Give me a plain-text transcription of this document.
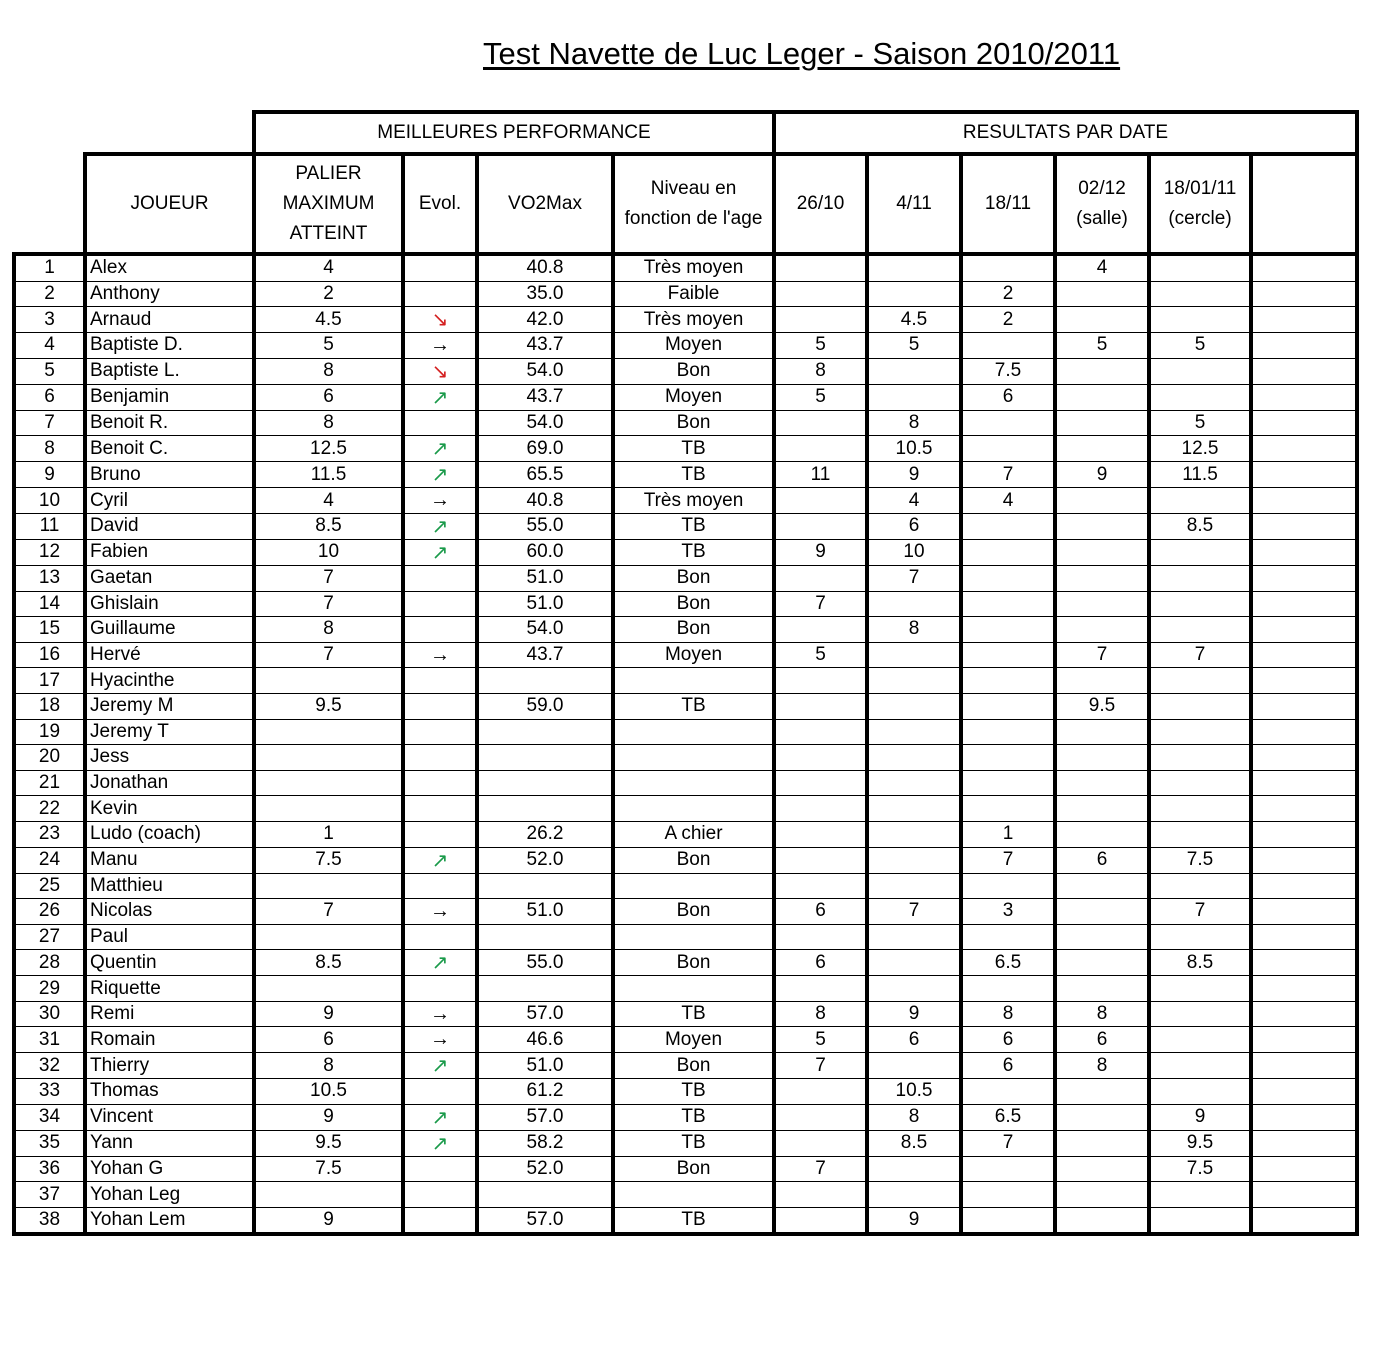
Test Navette de Luc Leger - Saison 2010/2011
		MEILLEURES PERFORMANCE				RESULTATS PAR DATE					
	JOUEUR	PALIER MAXIMUM ATTEINT	Evol.	VO2Max	Niveau en fonction de l'age	26/10	4/11	18/11	02/12 (salle)	18/01/11 (cercle)	
1	Alex	4		40.8	Très moyen				4		
2	Anthony	2		35.0	Faible			2			
3	Arnaud	4.5	↘	42.0	Très moyen		4.5	2			
4	Baptiste D.	5	→	43.7	Moyen	5	5		5	5	
5	Baptiste L.	8	↘	54.0	Bon	8		7.5			
6	Benjamin	6	↗	43.7	Moyen	5		6			
7	Benoit R.	8		54.0	Bon		8			5	
8	Benoit C.	12.5	↗	69.0	TB		10.5			12.5	
9	Bruno	11.5	↗	65.5	TB	11	9	7	9	11.5	
10	Cyril	4	→	40.8	Très moyen		4	4			
11	David	8.5	↗	55.0	TB		6			8.5	
12	Fabien	10	↗	60.0	TB	9	10				
13	Gaetan	7		51.0	Bon		7				
14	Ghislain	7		51.0	Bon	7					
15	Guillaume	8		54.0	Bon		8				
16	Hervé	7	→	43.7	Moyen	5			7	7	
17	Hyacinthe										
18	Jeremy M	9.5		59.0	TB				9.5		
19	Jeremy T										
20	Jess										
21	Jonathan										
22	Kevin										
23	Ludo (coach)	1		26.2	A chier			1			
24	Manu	7.5	↗	52.0	Bon			7	6	7.5	
25	Matthieu										
26	Nicolas	7	→	51.0	Bon	6	7	3		7	
27	Paul										
28	Quentin	8.5	↗	55.0	Bon	6		6.5		8.5	
29	Riquette										
30	Remi	9	→	57.0	TB	8	9	8	8		
31	Romain	6	→	46.6	Moyen	5	6	6	6		
32	Thierry	8	↗	51.0	Bon	7		6	8		
33	Thomas	10.5		61.2	TB		10.5				
34	Vincent	9	↗	57.0	TB		8	6.5		9	
35	Yann	9.5	↗	58.2	TB		8.5	7		9.5	
36	Yohan G	7.5		52.0	Bon	7				7.5	
37	Yohan Leg										
38	Yohan Lem	9		57.0	TB		9				
